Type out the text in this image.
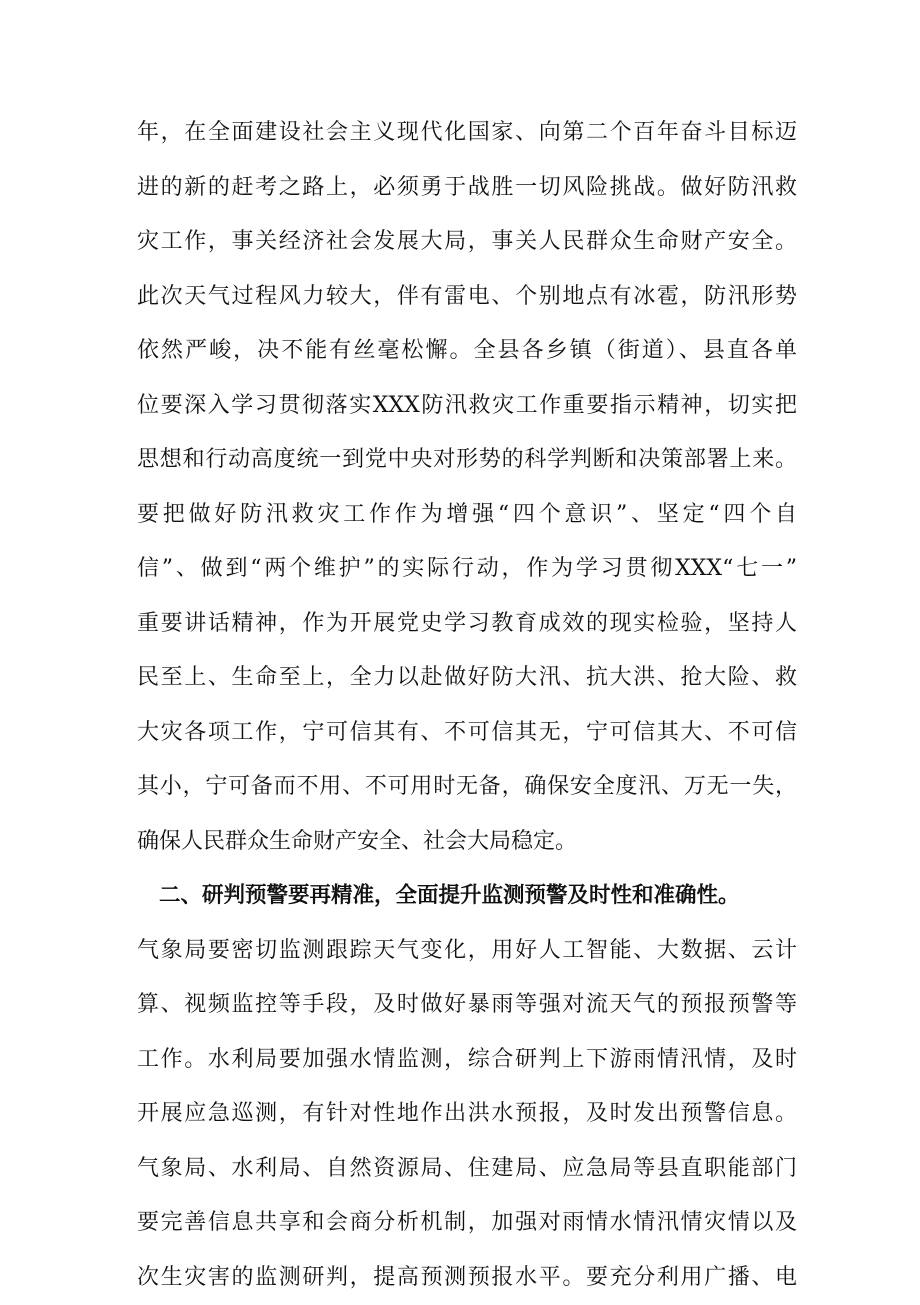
年，在全面建设社会主义现代化国家、向第二个百年奋斗目标迈
进的新的赶考之路上，必须勇于战胜一切风险挑战。做好防汛救
灾工作，事关经济社会发展大局，事关人民群众生命财产安全。
此次天气过程风力较大，伴有雷电、个别地点有冰雹，防汛形势
依然严峻，决不能有丝毫松懈。全县各乡镇（街道）、县直各单
位要深入学习贯彻落实XXX防汛救灾工作重要指示精神，切实把
思想和行动高度统一到党中央对形势的科学判断和决策部署上来。
要把做好防汛救灾工作作为增强“四个意识”、坚定“四个自
信”、做到“两个维护”的实际行动，作为学习贯彻XXX“七一”
重要讲话精神，作为开展党史学习教育成效的现实检验，坚持人
民至上、生命至上，全力以赴做好防大汛、抗大洪、抢大险、救
大灾各项工作，宁可信其有、不可信其无，宁可信其大、不可信
其小，宁可备而不用、不可用时无备，确保安全度汛、万无一失，
确保人民群众生命财产安全、社会大局稳定。
二、研判预警要再精准，全面提升监测预警及时性和准确性。
气象局要密切监测跟踪天气变化，用好人工智能、大数据、云计
算、视频监控等手段，及时做好暴雨等强对流天气的预报预警等
工作。水利局要加强水情监测，综合研判上下游雨情汛情，及时
开展应急巡测，有针对性地作出洪水预报，及时发出预警信息。
气象局、水利局、自然资源局、住建局、应急局等县直职能部门
要完善信息共享和会商分析机制，加强对雨情水情汛情灾情以及
次生灾害的监测研判，提高预测预报水平。要充分利用广播、电
